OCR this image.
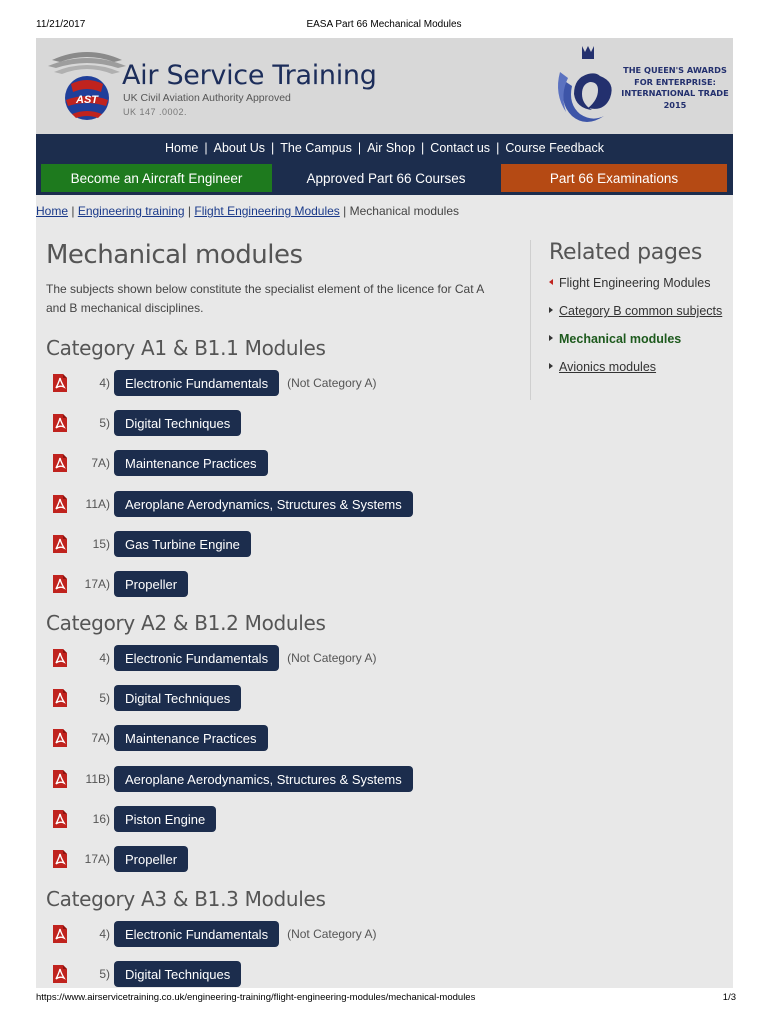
11/21/2017	EASA Part 66 Mechanical Modules
AST
Air Service Training
UK Civil Aviation Authority Approved
UK 147 .0002.
THE QUEEN'S AWARDS
FOR ENTERPRISE:
INTERNATIONAL TRADE
2015
Home | About Us | The Campus | Air Shop | Contact us | Course Feedback
Become an Aircraft Engineer	Approved Part 66 Courses	Part 66 Examinations
Home | Engineering training | Flight Engineering Modules | Mechanical modules
Mechanical modules

The subjects shown below constitute the specialist element of the licence for Cat A and B mechanical disciplines.

Category A1 & B1.1 Modules
4)	Electronic Fundamentals	(Not Category A)
5)	Digital Techniques
7A)	Maintenance Practices
11A)	Aeroplane Aerodynamics, Structures & Systems
15)	Gas Turbine Engine
17A)	Propeller
Category A2 & B1.2 Modules
4)	Electronic Fundamentals	(Not Category A)
5)	Digital Techniques
7A)	Maintenance Practices
11B)	Aeroplane Aerodynamics, Structures & Systems
16)	Piston Engine
17A)	Propeller
Category A3 & B1.3 Modules
4)	Electronic Fundamentals	(Not Category A)
5)	Digital Techniques
Related pages
Flight Engineering Modules
Category B common subjects
Mechanical modules
Avionics modules
https://www.airservicetraining.co.uk/engineering-training/flight-engineering-modules/mechanical-modules	1/3
